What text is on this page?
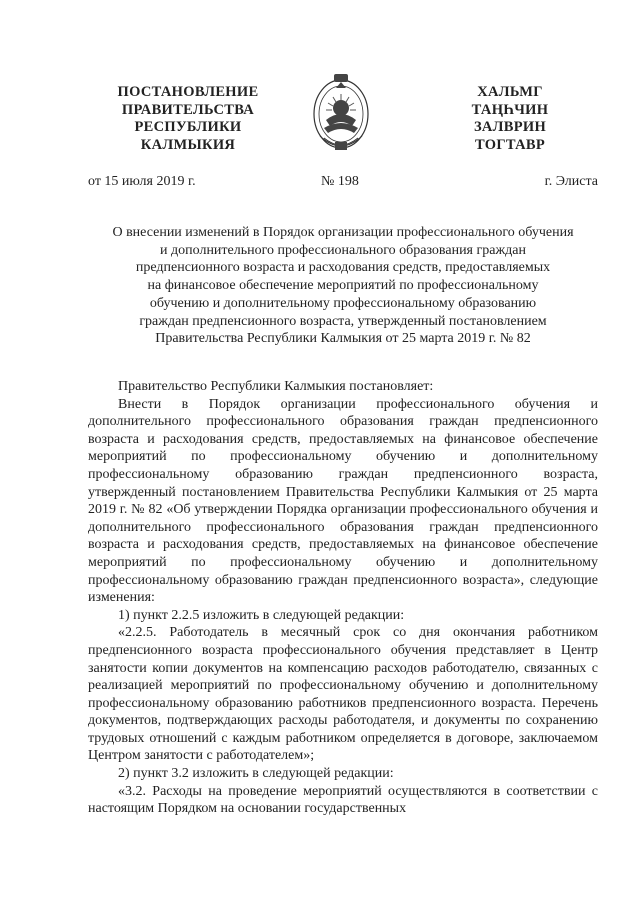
ПОСТАНОВЛЕНИЕ
ПРАВИТЕЛЬСТВА
РЕСПУБЛИКИ
КАЛМЫКИЯ
ХАЛЬМГ
ТАҢҺЧИН
ЗАЛВРИН
ТОГТАВР
от 15 июля 2019 г.	№ 198	г. Элиста
О внесении изменений в Порядок организации профессионального обучения
и дополнительного профессионального образования граждан
предпенсионного возраста и расходования средств, предоставляемых
на финансовое обеспечение мероприятий по профессиональному
обучению и дополнительному профессиональному образованию
граждан предпенсионного возраста, утвержденный постановлением
Правительства Республики Калмыкия от 25 марта 2019 г. № 82

Правительство Республики Калмыкия постановляет:

Внести в Порядок организации профессионального обучения и дополнительного профессионального образования граждан предпенсионного возраста и расходования средств, предоставляемых на финансовое обеспечение мероприятий по профессиональному обучению и дополнительному профессиональному образованию граждан предпенсионного возраста, утвержденный постановлением Правительства Республики Калмыкия от 25 марта 2019 г. № 82 «Об утверждении Порядка организации профессионального обучения и дополнительного профессионального образования граждан предпенсионного возраста и расходования средств, предоставляемых на финансовое обеспечение мероприятий по профессиональному обучению и дополнительному профессиональному образованию граждан предпенсионного возраста», следующие изменения:

1) пункт 2.2.5 изложить в следующей редакции:

«2.2.5. Работодатель в месячный срок со дня окончания работником предпенсионного возраста профессионального обучения представляет в Центр занятости копии документов на компенсацию расходов работодателю, связанных с реализацией мероприятий по профессиональному обучению и дополнительному профессиональному образованию работников предпенсионного возраста. Перечень документов, подтверждающих расходы работодателя, и документы по сохранению трудовых отношений с каждым работником определяется в договоре, заключаемом Центром занятости с работодателем»;

2) пункт 3.2 изложить в следующей редакции:

«3.2. Расходы на проведение мероприятий осуществляются в соответствии с настоящим Порядком на основании государственных
